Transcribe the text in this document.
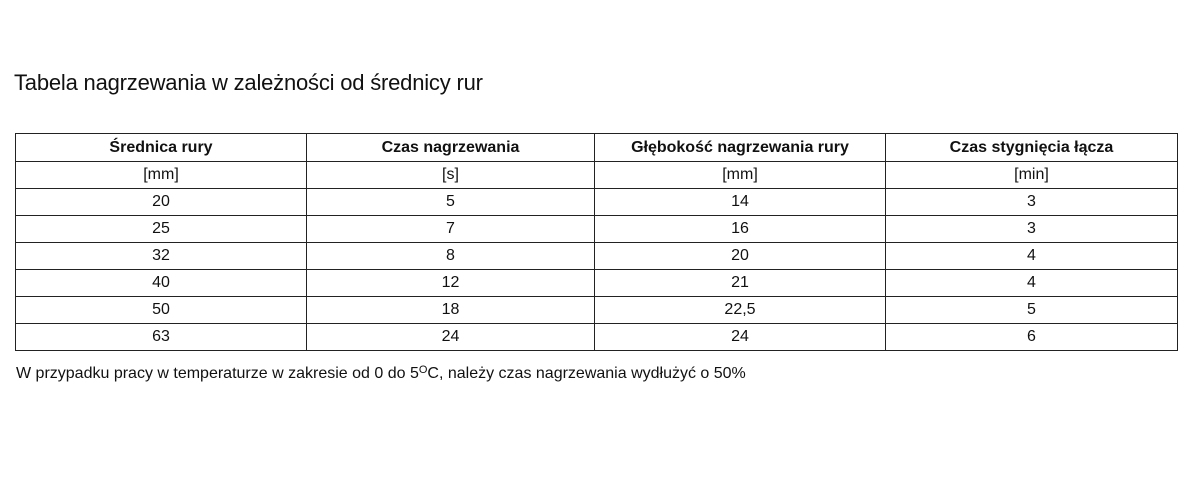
Tabela nagrzewania w zależności od średnicy rur
Średnica rury	Czas nagrzewania	Głębokość nagrzewania rury	Czas stygnięcia łącza
[mm]	[s]	[mm]	[min]
20	5	14	3
25	7	16	3
32	8	20	4
40	12	21	4
50	18	22,5	5
63	24	24	6
W przypadku pracy w temperaturze w zakresie od 0 do $5^OC$, należy czas nagrzewania wydłużyć o 50%
